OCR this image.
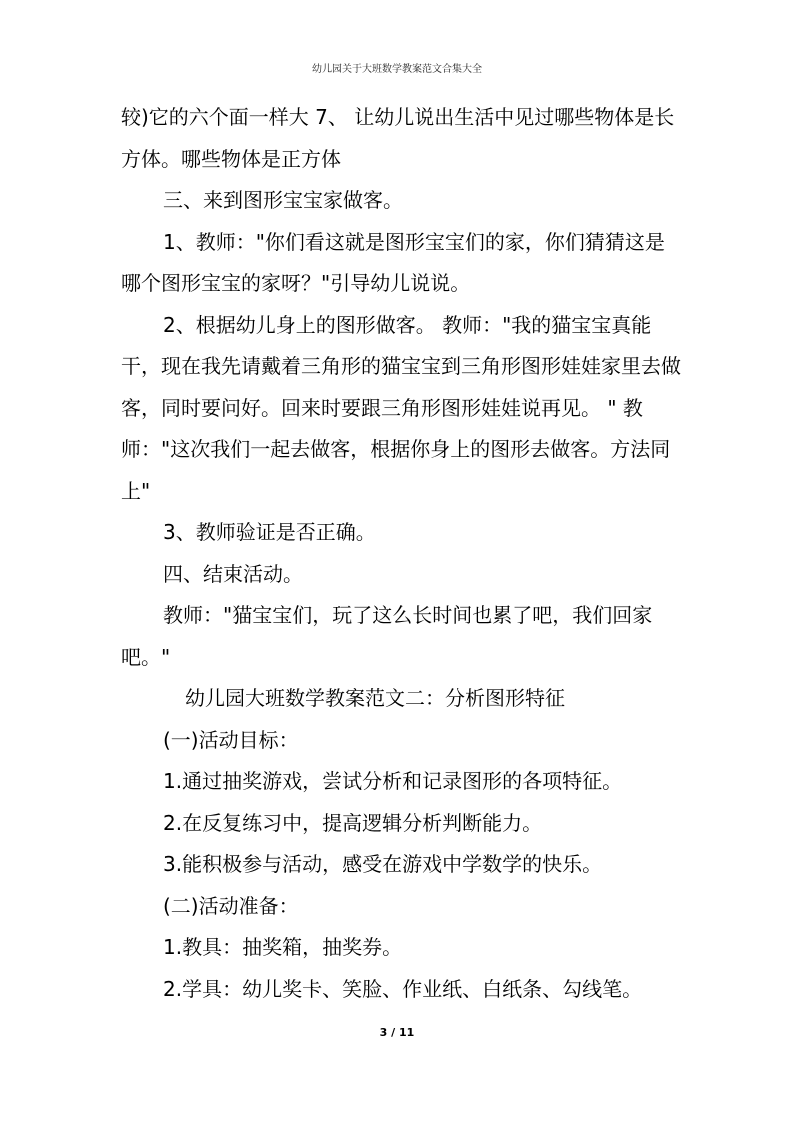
幼儿园关于大班数学教案范文合集大全

较)它的六个面一样大 7、 让幼儿说出生活中见过哪些物体是长方体。哪些物体是正方体

三、来到图形宝宝家做客。

1、教师："你们看这就是图形宝宝们的家，你们猜猜这是哪个图形宝宝的家呀？"引导幼儿说说。

2、根据幼儿身上的图形做客。 教师："我的猫宝宝真能干，现在我先请戴着三角形的猫宝宝到三角形图形娃娃家里去做客，同时要问好。回来时要跟三角形图形娃娃说再见。 " 教师："这次我们一起去做客，根据你身上的图形去做客。方法同上"

3、教师验证是否正确。

四、结束活动。

教师："猫宝宝们，玩了这么长时间也累了吧，我们回家吧。"

幼儿园大班数学教案范文二：分析图形特征

(一)活动目标：

1.通过抽奖游戏，尝试分析和记录图形的各项特征。

2.在反复练习中，提高逻辑分析判断能力。

3.能积极参与活动，感受在游戏中学数学的快乐。

(二)活动准备：

1.教具：抽奖箱，抽奖券。

2.学具：幼儿奖卡、笑脸、作业纸、白纸条、勾线笔。

3 / 11
